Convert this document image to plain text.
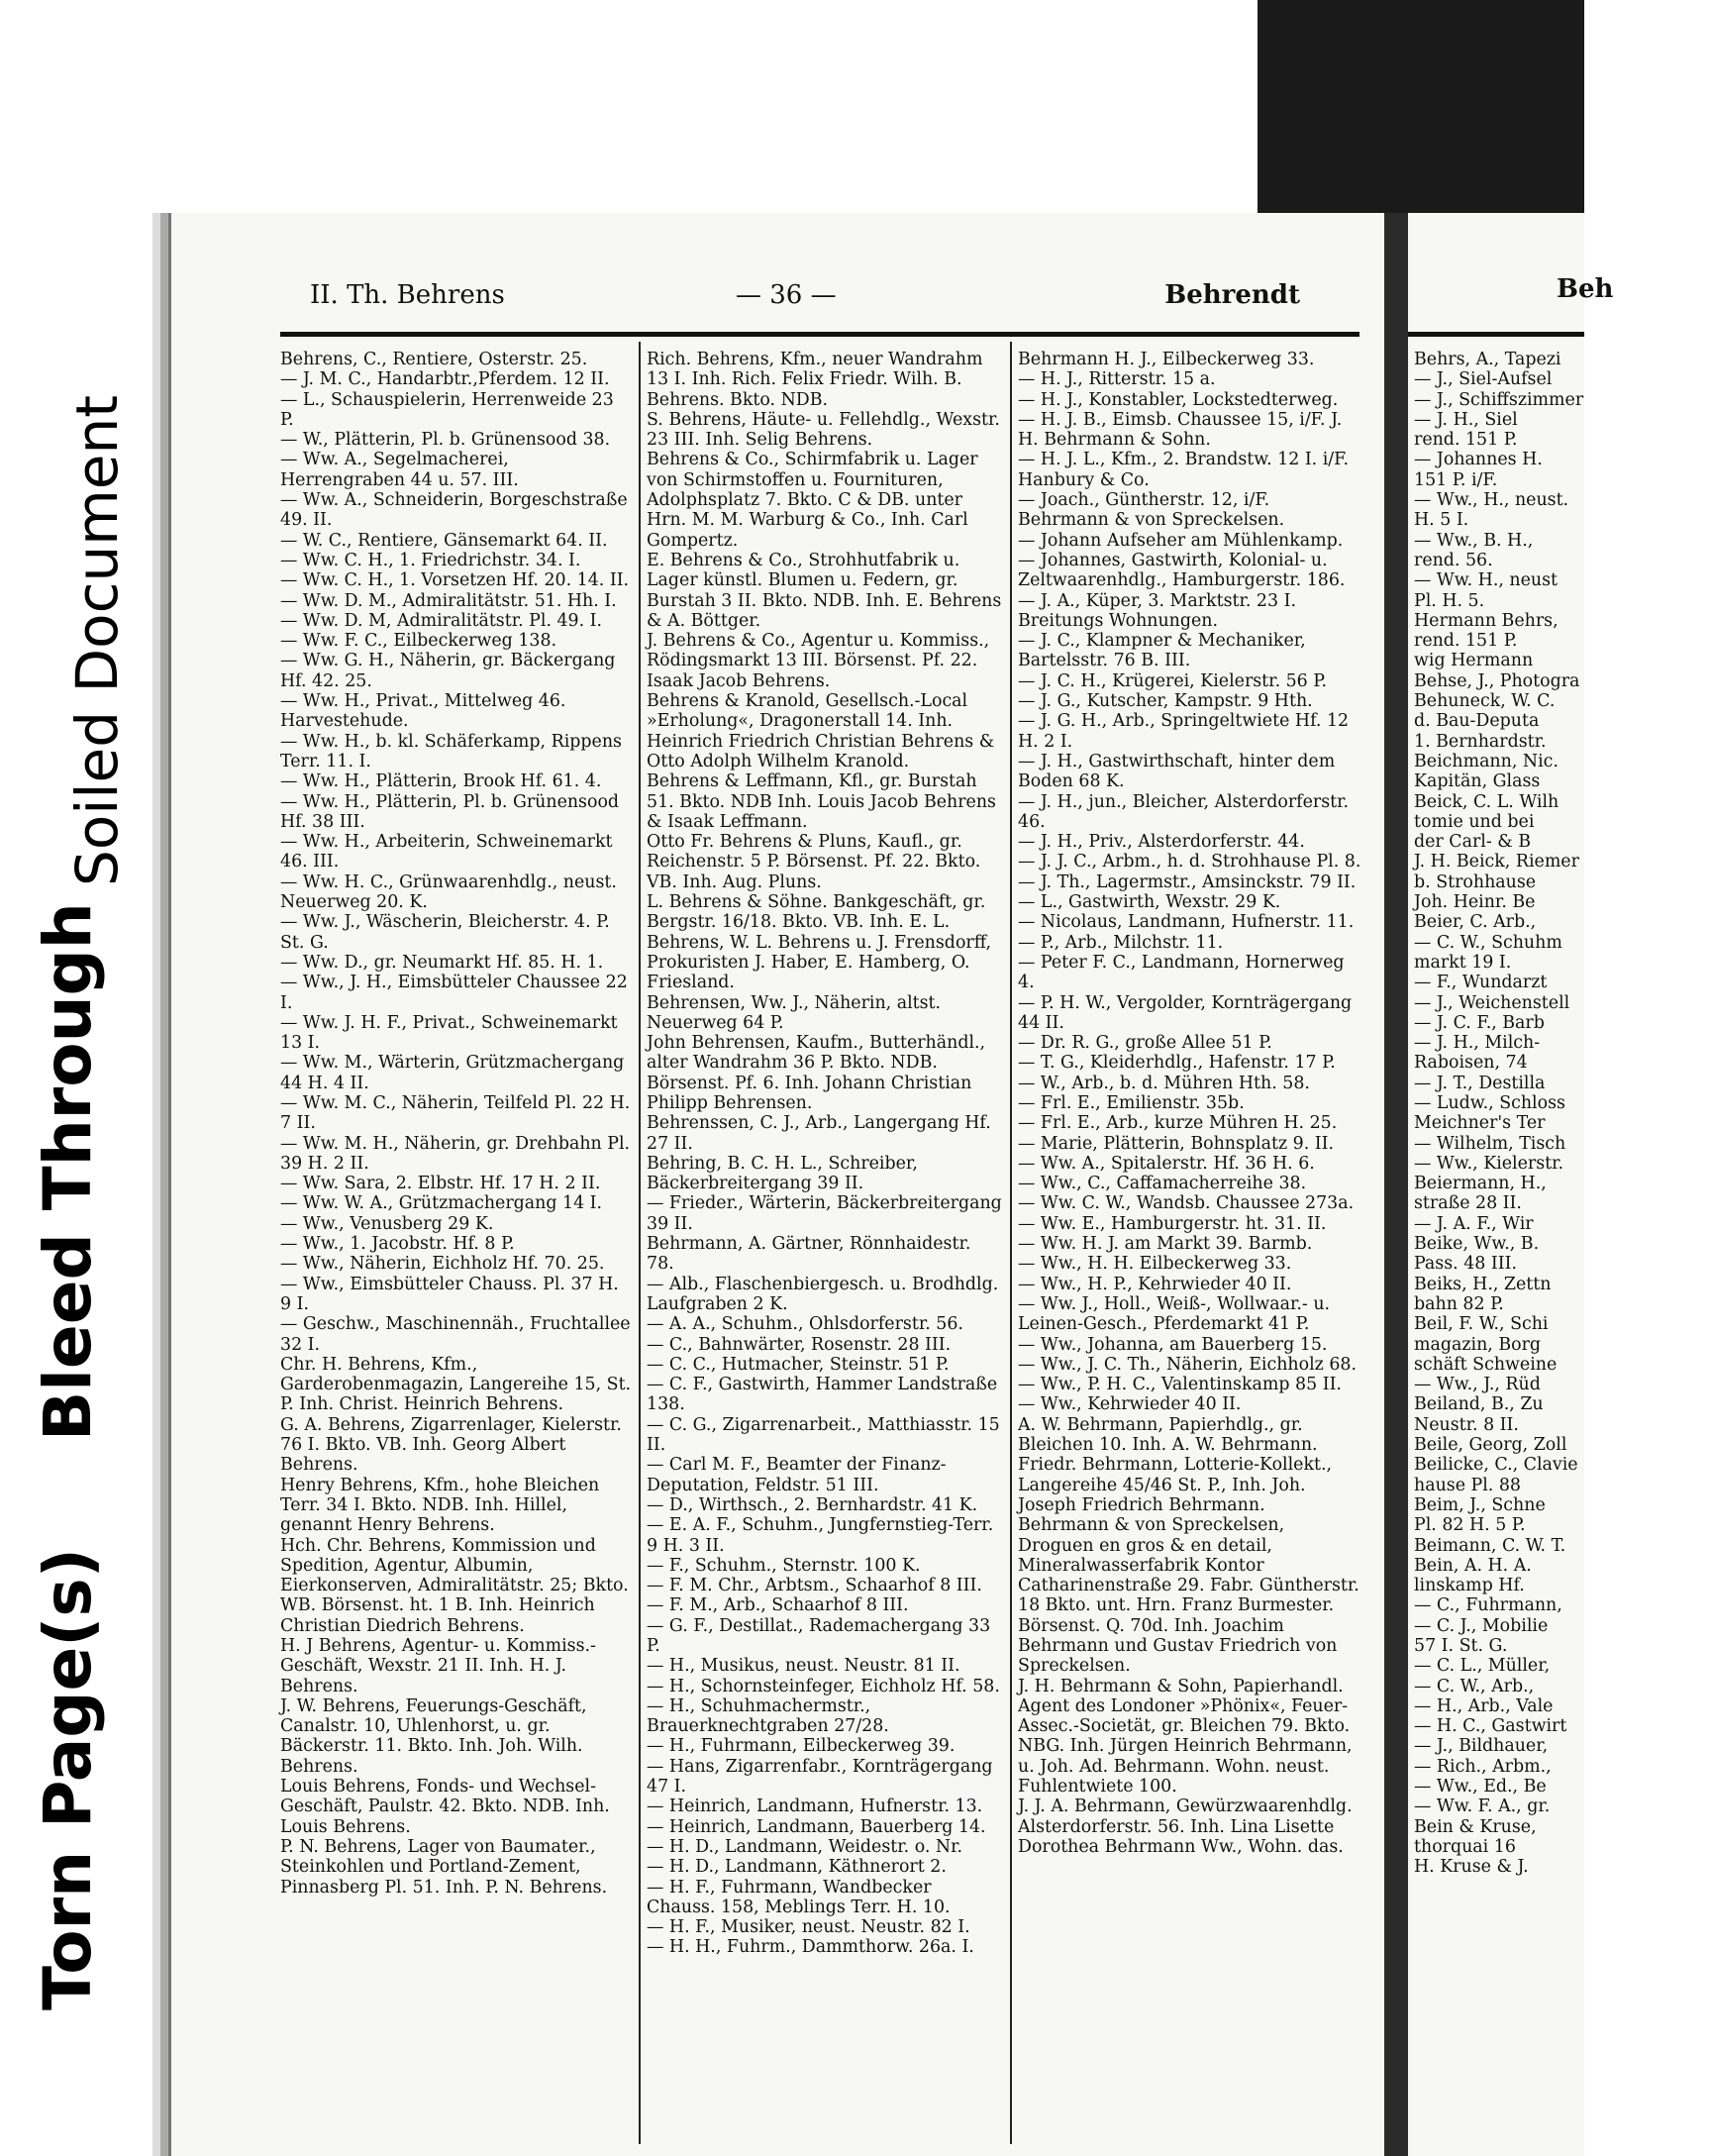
Torn Page(s)
Bleed Through
Soiled Document
II. Th. Behrens	— 36 —	Behrendt

Behrens, C., Rentiere, Osterstr. 25.

— J. M. C., Handarbtr.,Pferdem. 12 II.

— L., Schauspielerin, Herrenweide 23 P.

— W., Plätterin, Pl. b. Grünensood 38.

— Ww. A., Segelmacherei, Herrengraben 44 u. 57. III.

— Ww. A., Schneiderin, Borgeschstraße 49. II.

— W. C., Rentiere, Gänsemarkt 64. II.

— Ww. C. H., 1. Friedrichstr. 34. I.

— Ww. C. H., 1. Vorsetzen Hf. 20. 14. II.

— Ww. D. M., Admiralitätstr. 51. Hh. I.

— Ww. D. M, Admiralitätstr. Pl. 49. I.

— Ww. F. C., Eilbeckerweg 138.

— Ww. G. H., Näherin, gr. Bäckergang Hf. 42. 25.

— Ww. H., Privat., Mittelweg 46. Harvestehude.

— Ww. H., b. kl. Schäferkamp, Rippens Terr. 11. I.

— Ww. H., Plätterin, Brook Hf. 61. 4.

— Ww. H., Plätterin, Pl. b. Grünensood Hf. 38 III.

— Ww. H., Arbeiterin, Schweinemarkt 46. III.

— Ww. H. C., Grünwaarenhdlg., neust. Neuerweg 20. K.

— Ww. J., Wäscherin, Bleicherstr. 4. P. St. G.

— Ww. D., gr. Neumarkt Hf. 85. H. 1.

— Ww., J. H., Eimsbütteler Chaussee 22 I.

— Ww. J. H. F., Privat., Schweinemarkt 13 I.

— Ww. M., Wärterin, Grützmachergang 44 H. 4 II.

— Ww. M. C., Näherin, Teilfeld Pl. 22 H. 7 II.

— Ww. M. H., Näherin, gr. Drehbahn Pl. 39 H. 2 II.

— Ww. Sara, 2. Elbstr. Hf. 17 H. 2 II.

— Ww. W. A., Grützmachergang 14 I.

— Ww., Venusberg 29 K.

— Ww., 1. Jacobstr. Hf. 8 P.

— Ww., Näherin, Eichholz Hf. 70. 25.

— Ww., Eimsbütteler Chauss. Pl. 37 H. 9 I.

— Geschw., Maschinennäh., Fruchtallee 32 I.

Chr. H. Behrens, Kfm., Garderobenmagazin, Langereihe 15, St. P. Inh. Christ. Heinrich Behrens.

G. A. Behrens, Zigarrenlager, Kielerstr. 76 I. Bkto. VB. Inh. Georg Albert Behrens.

Henry Behrens, Kfm., hohe Bleichen Terr. 34 I. Bkto. NDB. Inh. Hillel, genannt Henry Behrens.

Hch. Chr. Behrens, Kommission und Spedition, Agentur, Albumin, Eierkonserven, Admiralitätstr. 25; Bkto. WB. Börsenst. ht. 1 B. Inh. Heinrich Christian Diedrich Behrens.

H. J Behrens, Agentur- u. Kommiss.-Geschäft, Wexstr. 21 II. Inh. H. J. Behrens.

J. W. Behrens, Feuerungs-Geschäft, Canalstr. 10, Uhlenhorst, u. gr. Bäckerstr. 11. Bkto. Inh. Joh. Wilh. Behrens.

Louis Behrens, Fonds- und Wechsel-Geschäft, Paulstr. 42. Bkto. NDB. Inh. Louis Behrens.

P. N. Behrens, Lager von Baumater., Steinkohlen und Portland-Zement, Pinnasberg Pl. 51. Inh. P. N. Behrens.

Rich. Behrens, Kfm., neuer Wandrahm 13 I. Inh. Rich. Felix Friedr. Wilh. B. Behrens. Bkto. NDB.

S. Behrens, Häute- u. Fellehdlg., Wexstr. 23 III. Inh. Selig Behrens.

Behrens & Co., Schirmfabrik u. Lager von Schirmstoffen u. Fournituren, Adolphsplatz 7. Bkto. C & DB. unter Hrn. M. M. Warburg & Co., Inh. Carl Gompertz.

E. Behrens & Co., Strohhutfabrik u. Lager künstl. Blumen u. Federn, gr. Burstah 3 II. Bkto. NDB. Inh. E. Behrens & A. Böttger.

J. Behrens & Co., Agentur u. Kommiss., Rödingsmarkt 13 III. Börsenst. Pf. 22. Isaak Jacob Behrens.

Behrens & Kranold, Gesellsch.-Local »Erholung«, Dragonerstall 14. Inh. Heinrich Friedrich Christian Behrens & Otto Adolph Wilhelm Kranold.

Behrens & Leffmann, Kfl., gr. Burstah 51. Bkto. NDB Inh. Louis Jacob Behrens & Isaak Leffmann.

Otto Fr. Behrens & Pluns, Kaufl., gr. Reichenstr. 5 P. Börsenst. Pf. 22. Bkto. VB. Inh. Aug. Pluns.

L. Behrens & Söhne. Bankgeschäft, gr. Bergstr. 16/18. Bkto. VB. Inh. E. L. Behrens, W. L. Behrens u. J. Frensdorff, Prokuristen J. Haber, E. Hamberg, O. Friesland.

Behrensen, Ww. J., Näherin, altst. Neuerweg 64 P.

John Behrensen, Kaufm., Butterhändl., alter Wandrahm 36 P. Bkto. NDB. Börsenst. Pf. 6. Inh. Johann Christian Philipp Behrensen.

Behrenssen, C. J., Arb., Langergang Hf. 27 II.

Behring, B. C. H. L., Schreiber, Bäckerbreitergang 39 II.

— Frieder., Wärterin, Bäckerbreitergang 39 II.

Behrmann, A. Gärtner, Rönnhaidestr. 78.

— Alb., Flaschenbiergesch. u. Brodhdlg. Laufgraben 2 K.

— A. A., Schuhm., Ohlsdorferstr. 56.

— C., Bahnwärter, Rosenstr. 28 III.

— C. C., Hutmacher, Steinstr. 51 P.

— C. F., Gastwirth, Hammer Landstraße 138.

— C. G., Zigarrenarbeit., Matthiasstr. 15 II.

— Carl M. F., Beamter der Finanz-Deputation, Feldstr. 51 III.

— D., Wirthsch., 2. Bernhardstr. 41 K.

— E. A. F., Schuhm., Jungfernstieg-Terr. 9 H. 3 II.

— F., Schuhm., Sternstr. 100 K.

— F. M. Chr., Arbtsm., Schaarhof 8 III.

— F. M., Arb., Schaarhof 8 III.

— G. F., Destillat., Rademachergang 33 P.

— H., Musikus, neust. Neustr. 81 II.

— H., Schornsteinfeger, Eichholz Hf. 58.

— H., Schuhmachermstr., Brauerknechtgraben 27/28.

— H., Fuhrmann, Eilbeckerweg 39.

— Hans, Zigarrenfabr., Kornträgergang 47 I.

— Heinrich, Landmann, Hufnerstr. 13.

— Heinrich, Landmann, Bauerberg 14.

— H. D., Landmann, Weidestr. o. Nr.

— H. D., Landmann, Käthnerort 2.

— H. F., Fuhrmann, Wandbecker Chauss. 158, Meblings Terr. H. 10.

— H. F., Musiker, neust. Neustr. 82 I.

— H. H., Fuhrm., Dammthorw. 26a. I.

Behrmann H. J., Eilbeckerweg 33.

— H. J., Ritterstr. 15 a.

— H. J., Konstabler, Lockstedterweg.

— H. J. B., Eimsb. Chaussee 15, i/F. J. H. Behrmann & Sohn.

— H. J. L., Kfm., 2. Brandstw. 12 I. i/F. Hanbury & Co.

— Joach., Güntherstr. 12, i/F. Behrmann & von Spreckelsen.

— Johann Aufseher am Mühlenkamp.

— Johannes, Gastwirth, Kolonial- u. Zeltwaarenhdlg., Hamburgerstr. 186.

— J. A., Küper, 3. Marktstr. 23 I. Breitungs Wohnungen.

— J. C., Klampner & Mechaniker, Bartelsstr. 76 B. III.

— J. C. H., Krügerei, Kielerstr. 56 P.

— J. G., Kutscher, Kampstr. 9 Hth.

— J. G. H., Arb., Springeltwiete Hf. 12 H. 2 I.

— J. H., Gastwirthschaft, hinter dem Boden 68 K.

— J. H., jun., Bleicher, Alsterdorferstr. 46.

— J. H., Priv., Alsterdorferstr. 44.

— J. J. C., Arbm., h. d. Strohhause Pl. 8.

— J. Th., Lagermstr., Amsinckstr. 79 II.

— L., Gastwirth, Wexstr. 29 K.

— Nicolaus, Landmann, Hufnerstr. 11.

— P., Arb., Milchstr. 11.

— Peter F. C., Landmann, Hornerweg 4.

— P. H. W., Vergolder, Kornträgergang 44 II.

— Dr. R. G., große Allee 51 P.

— T. G., Kleiderhdlg., Hafenstr. 17 P.

— W., Arb., b. d. Mühren Hth. 58.

— Frl. E., Emilienstr. 35b.

— Frl. E., Arb., kurze Mühren H. 25.

— Marie, Plätterin, Bohnsplatz 9. II.

— Ww. A., Spitalerstr. Hf. 36 H. 6.

— Ww., C., Caffamacherreihe 38.

— Ww. C. W., Wandsb. Chaussee 273a.

— Ww. E., Hamburgerstr. ht. 31. II.

— Ww. H. J. am Markt 39. Barmb.

— Ww., H. H. Eilbeckerweg 33.

— Ww., H. P., Kehrwieder 40 II.

— Ww. J., Holl., Weiß-, Wollwaar.- u. Leinen-Gesch., Pferdemarkt 41 P.

— Ww., Johanna, am Bauerberg 15.

— Ww., J. C. Th., Näherin, Eichholz 68.

— Ww., P. H. C., Valentinskamp 85 II.

— Ww., Kehrwieder 40 II.

A. W. Behrmann, Papierhdlg., gr. Bleichen 10. Inh. A. W. Behrmann.

Friedr. Behrmann, Lotterie-Kollekt., Langereihe 45/46 St. P., Inh. Joh. Joseph Friedrich Behrmann.

Behrmann & von Spreckelsen, Droguen en gros & en detail, Mineralwasserfabrik Kontor Catharinenstraße 29. Fabr. Güntherstr. 18 Bkto. unt. Hrn. Franz Burmester. Börsenst. Q. 70d. Inh. Joachim Behrmann und Gustav Friedrich von Spreckelsen.

J. H. Behrmann & Sohn, Papierhandl. Agent des Londoner »Phönix«, Feuer-Assec.-Societät, gr. Bleichen 79. Bkto. NBG. Inh. Jürgen Heinrich Behrmann, u. Joh. Ad. Behrmann. Wohn. neust. Fuhlentwiete 100.

J. J. A. Behrmann, Gewürzwaarenhdlg. Alsterdorferstr. 56. Inh. Lina Lisette Dorothea Behrmann Ww., Wohn. das.

Beh

Behrs, A., Tapezi

— J., Siel-Aufsel

— J., Schiffszimmer

— J. H., Siel

rend. 151 P.

— Johannes H.

151 P. i/F.

— Ww., H., neust.

H. 5 I.

— Ww., B. H.,

rend. 56.

— Ww. H., neust

Pl. H. 5.

Hermann Behrs,

rend. 151 P.

wig Hermann

Behse, J., Photogra

Behuneck, W. C.

d. Bau-Deputa

1. Bernhardstr.

Beichmann, Nic.

Kapitän, Glass

Beick, C. L. Wilh

tomie und bei

der Carl- & B

J. H. Beick, Riemer

b. Strohhause

Joh. Heinr. Be

Beier, C. Arb.,

— C. W., Schuhm

markt 19 I.

— F., Wundarzt

— J., Weichenstell

— J. C. F., Barb

— J. H., Milch-

Raboisen, 74

— J. T., Destilla

— Ludw., Schloss

Meichner's Ter

— Wilhelm, Tisch

— Ww., Kielerstr.

Beiermann, H.,

straße 28 II.

— J. A. F., Wir

Beike, Ww., B.

Pass. 48 III.

Beiks, H., Zettn

bahn 82 P.

Beil, F. W., Schi

magazin, Borg

schäft Schweine

— Ww., J., Rüd

Beiland, B., Zu

Neustr. 8 II.

Beile, Georg, Zoll

Beilicke, C., Clavie

hause Pl. 88

Beim, J., Schne

Pl. 82 H. 5 P.

Beimann, C. W. T.

Bein, A. H. A.

linskamp Hf.

— C., Fuhrmann,

— C. J., Mobilie

57 I. St. G.

— C. L., Müller,

— C. W., Arb.,

— H., Arb., Vale

— H. C., Gastwirt

— J., Bildhauer,

— Rich., Arbm.,

— Ww., Ed., Be

— Ww. F. A., gr.

Bein & Kruse,

thorquai 16

H. Kruse & J.
